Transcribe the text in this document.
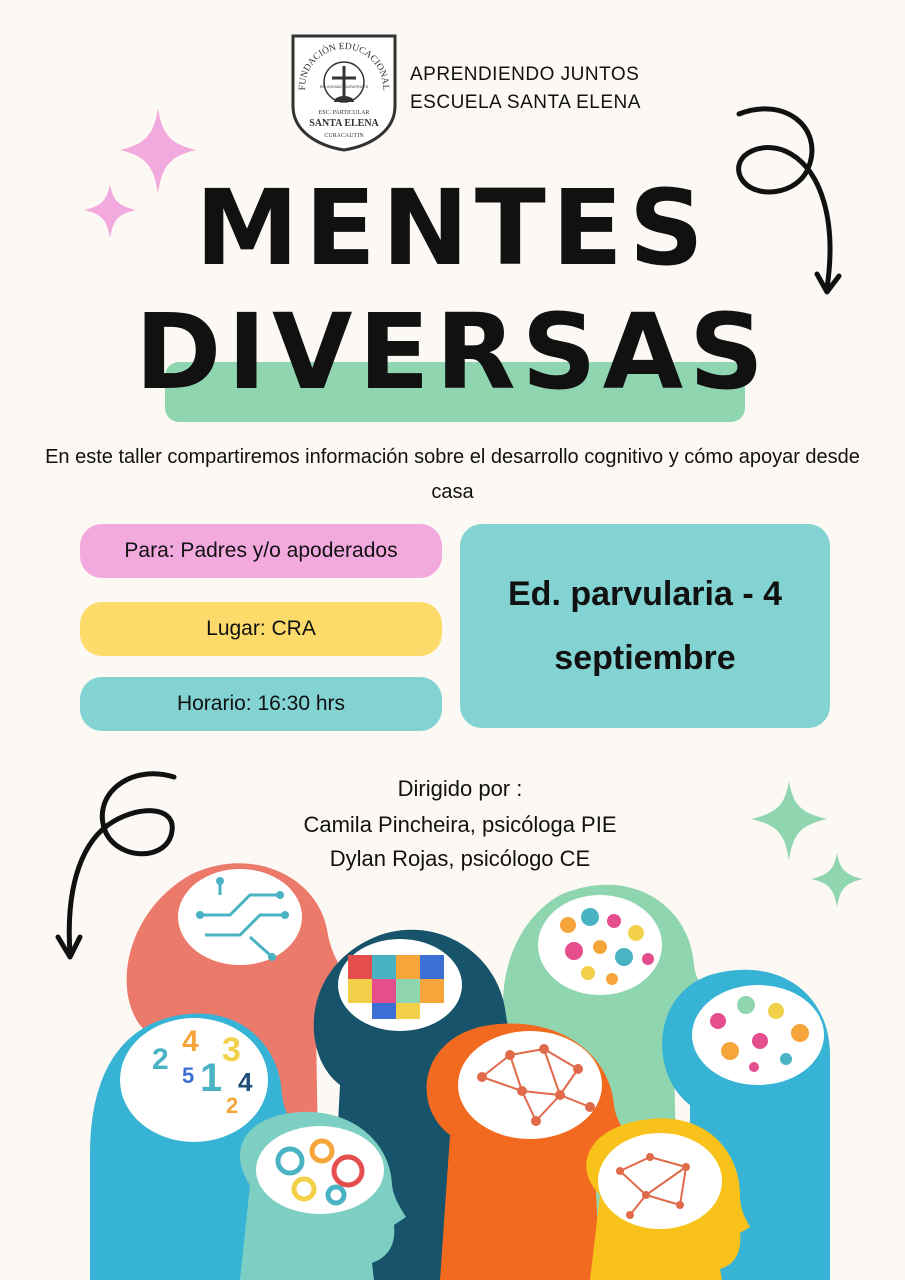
FUNDACIÓN EDUCACIONAL
RELIGIOSAS ADORATRICES
ESC. PARTICULAR
SANTA ELENA
CURACAUTIN
APRENDIENDO JUNTOS
ESCUELA SANTA ELENA
MENTES
DIVERSAS
En este taller compartiremos información sobre el desarrollo cognitivo y cómo apoyar desde casa
Para: Padres y/o apoderados
Lugar: CRA
Horario: 16:30 hrs
Ed. parvularia - 4
septiembre
4
2 3
5 1 4
2
Dirigido por :
Camila Pincheira, psicóloga PIE
Dylan Rojas, psicólogo CE
